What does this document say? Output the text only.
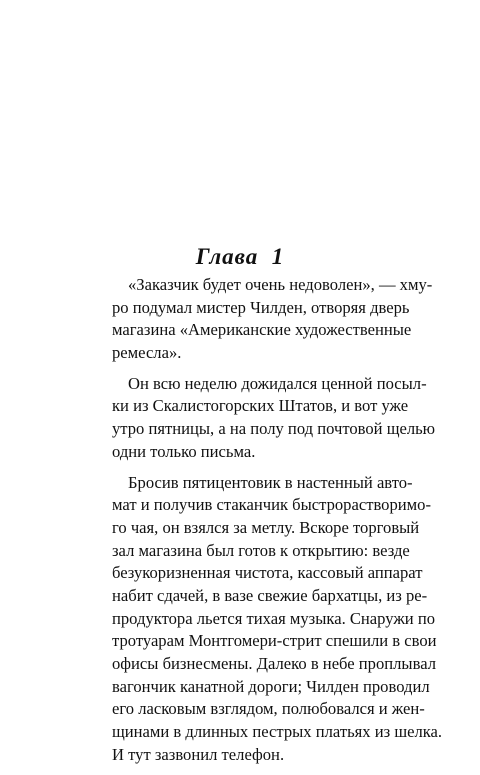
Глава  1
«Заказчик будет очень недоволен», — хму-
ро подумал мистер Чилден, отворяя дверь
магазина «Американские художественные
ремесла».
Он всю неделю дожидался ценной посыл-
ки из Скалистогорских Штатов, и вот уже
утро пятницы, а на полу под почтовой щелью
одни только письма.
Бросив пятицентовик в настенный авто-
мат и получив стаканчик быстрорастворимо-
го чая, он взялся за метлу. Вскоре торговый
зал магазина был готов к открытию: везде
безукоризненная чистота, кассовый аппарат
набит сдачей, в вазе свежие бархатцы, из ре-
продуктора льется тихая музыка. Снаружи по
тротуарам Монтгомери-стрит спешили в свои
офисы бизнесмены. Далеко в небе проплывал
вагончик канатной дороги; Чилден проводил
его ласковым взглядом, полюбовался и жен-
щинами в длинных пестрых платьях из шелка.
И тут зазвонил телефон.
